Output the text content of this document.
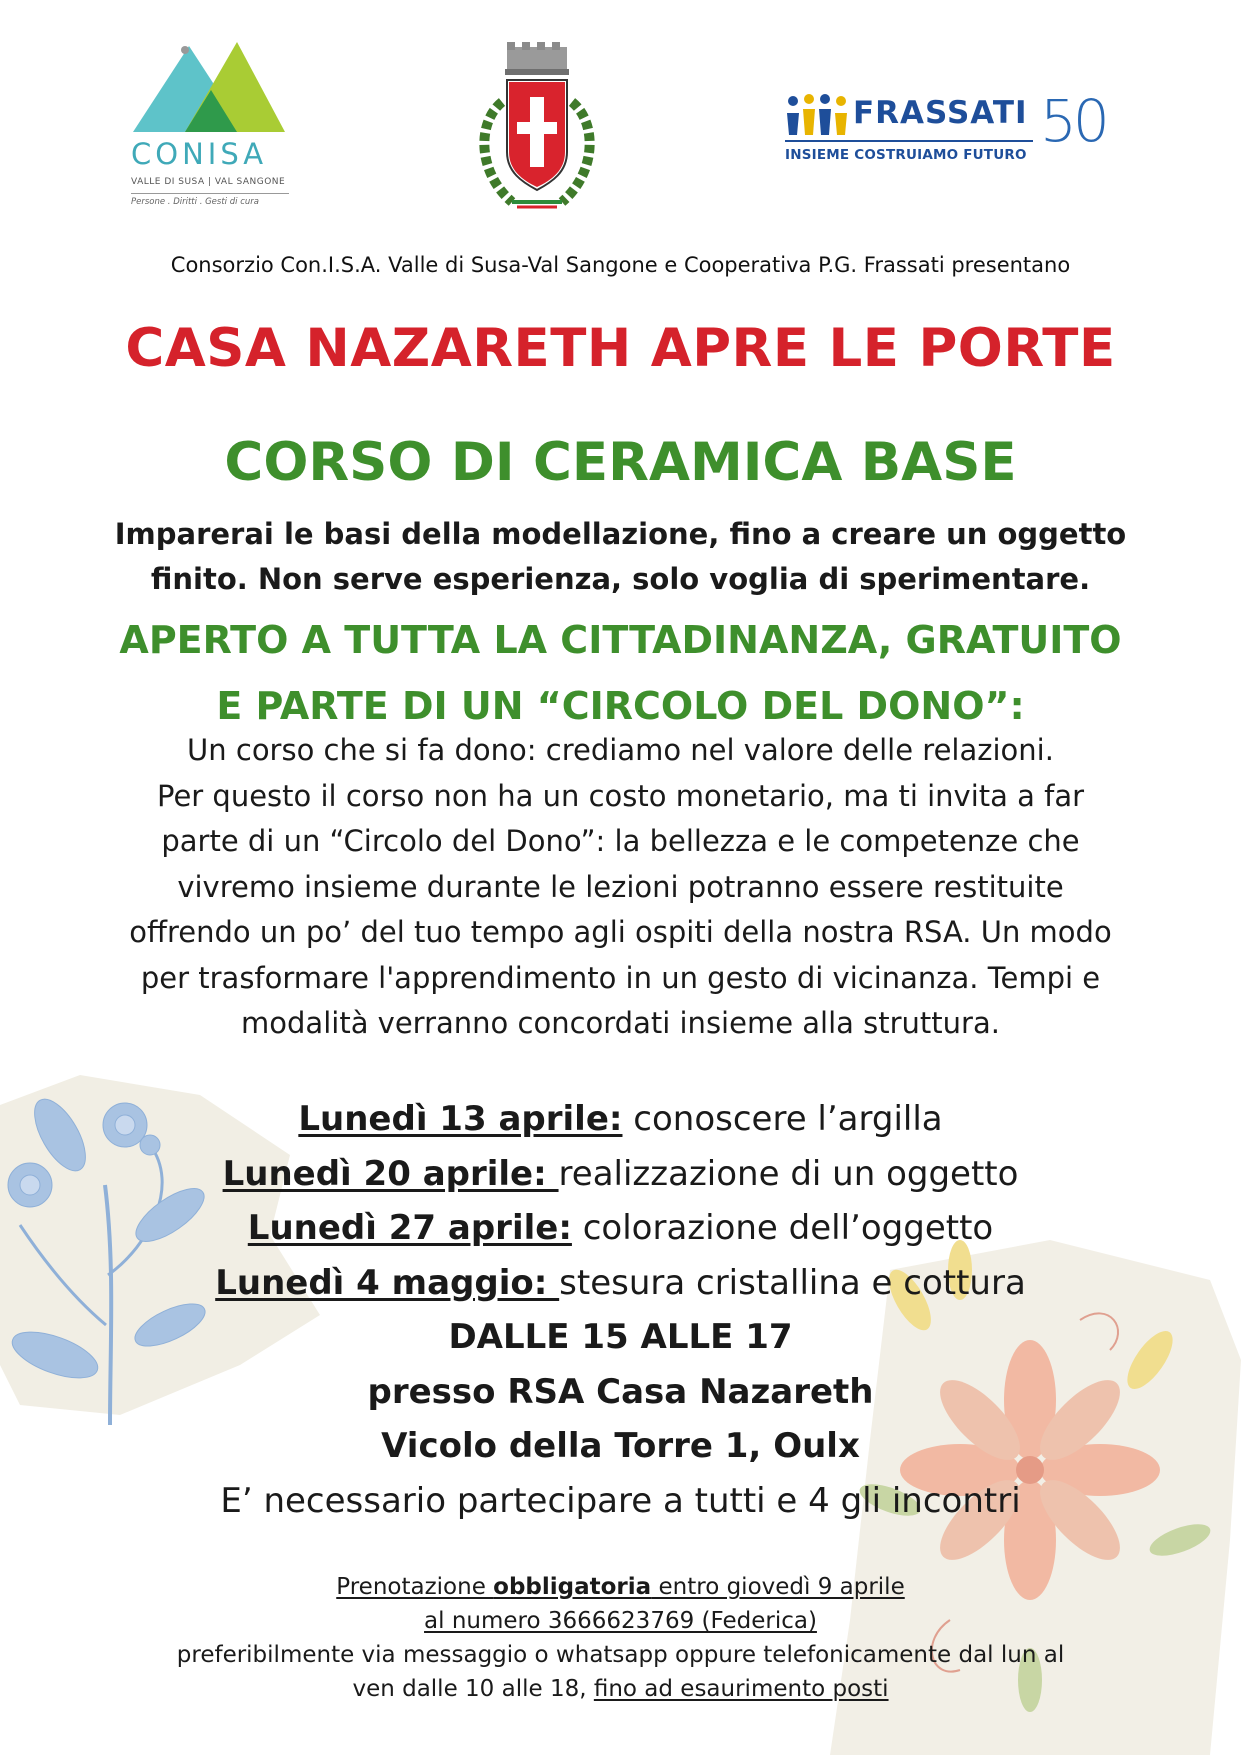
CONISA
VALLE DI SUSA | VAL SANGONE
Persone . Diritti . Gesti di cura
FRASSATI 50
INSIEME COSTRUIAMO FUTURO
Consorzio Con.I.S.A. Valle di Susa-Val Sangone e Cooperativa P.G. Frassati presentano
CASA NAZARETH APRE LE PORTE
CORSO DI CERAMICA BASE
Imparerai le basi della modellazione, fino a creare un oggetto
finito. Non serve esperienza, solo voglia di sperimentare.
APERTO A TUTTA LA CITTADINANZA, GRATUITO
E PARTE DI UN “CIRCOLO DEL DONO”:
Un corso che si fa dono: crediamo nel valore delle relazioni.
Per questo il corso non ha un costo monetario, ma ti invita a far
parte di un “Circolo del Dono”: la bellezza e le competenze che
vivremo insieme durante le lezioni potranno essere restituite
offrendo un po’ del tuo tempo agli ospiti della nostra RSA. Un modo
per trasformare l'apprendimento in un gesto di vicinanza. Tempi e
modalità verranno concordati insieme alla struttura.
Lunedì 13 aprile: conoscere l’argilla
Lunedì 20 aprile: realizzazione di un oggetto
Lunedì 27 aprile: colorazione dell’oggetto
Lunedì 4 maggio: stesura cristallina e cottura
DALLE 15 ALLE 17
presso RSA Casa Nazareth
Vicolo della Torre 1, Oulx
E’ necessario partecipare a tutti e 4 gli incontri
Prenotazione obbligatoria entro giovedì 9 aprile
al numero 3666623769 (Federica)
preferibilmente via messaggio o whatsapp oppure telefonicamente dal lun al
ven dalle 10 alle 18, fino ad esaurimento posti
